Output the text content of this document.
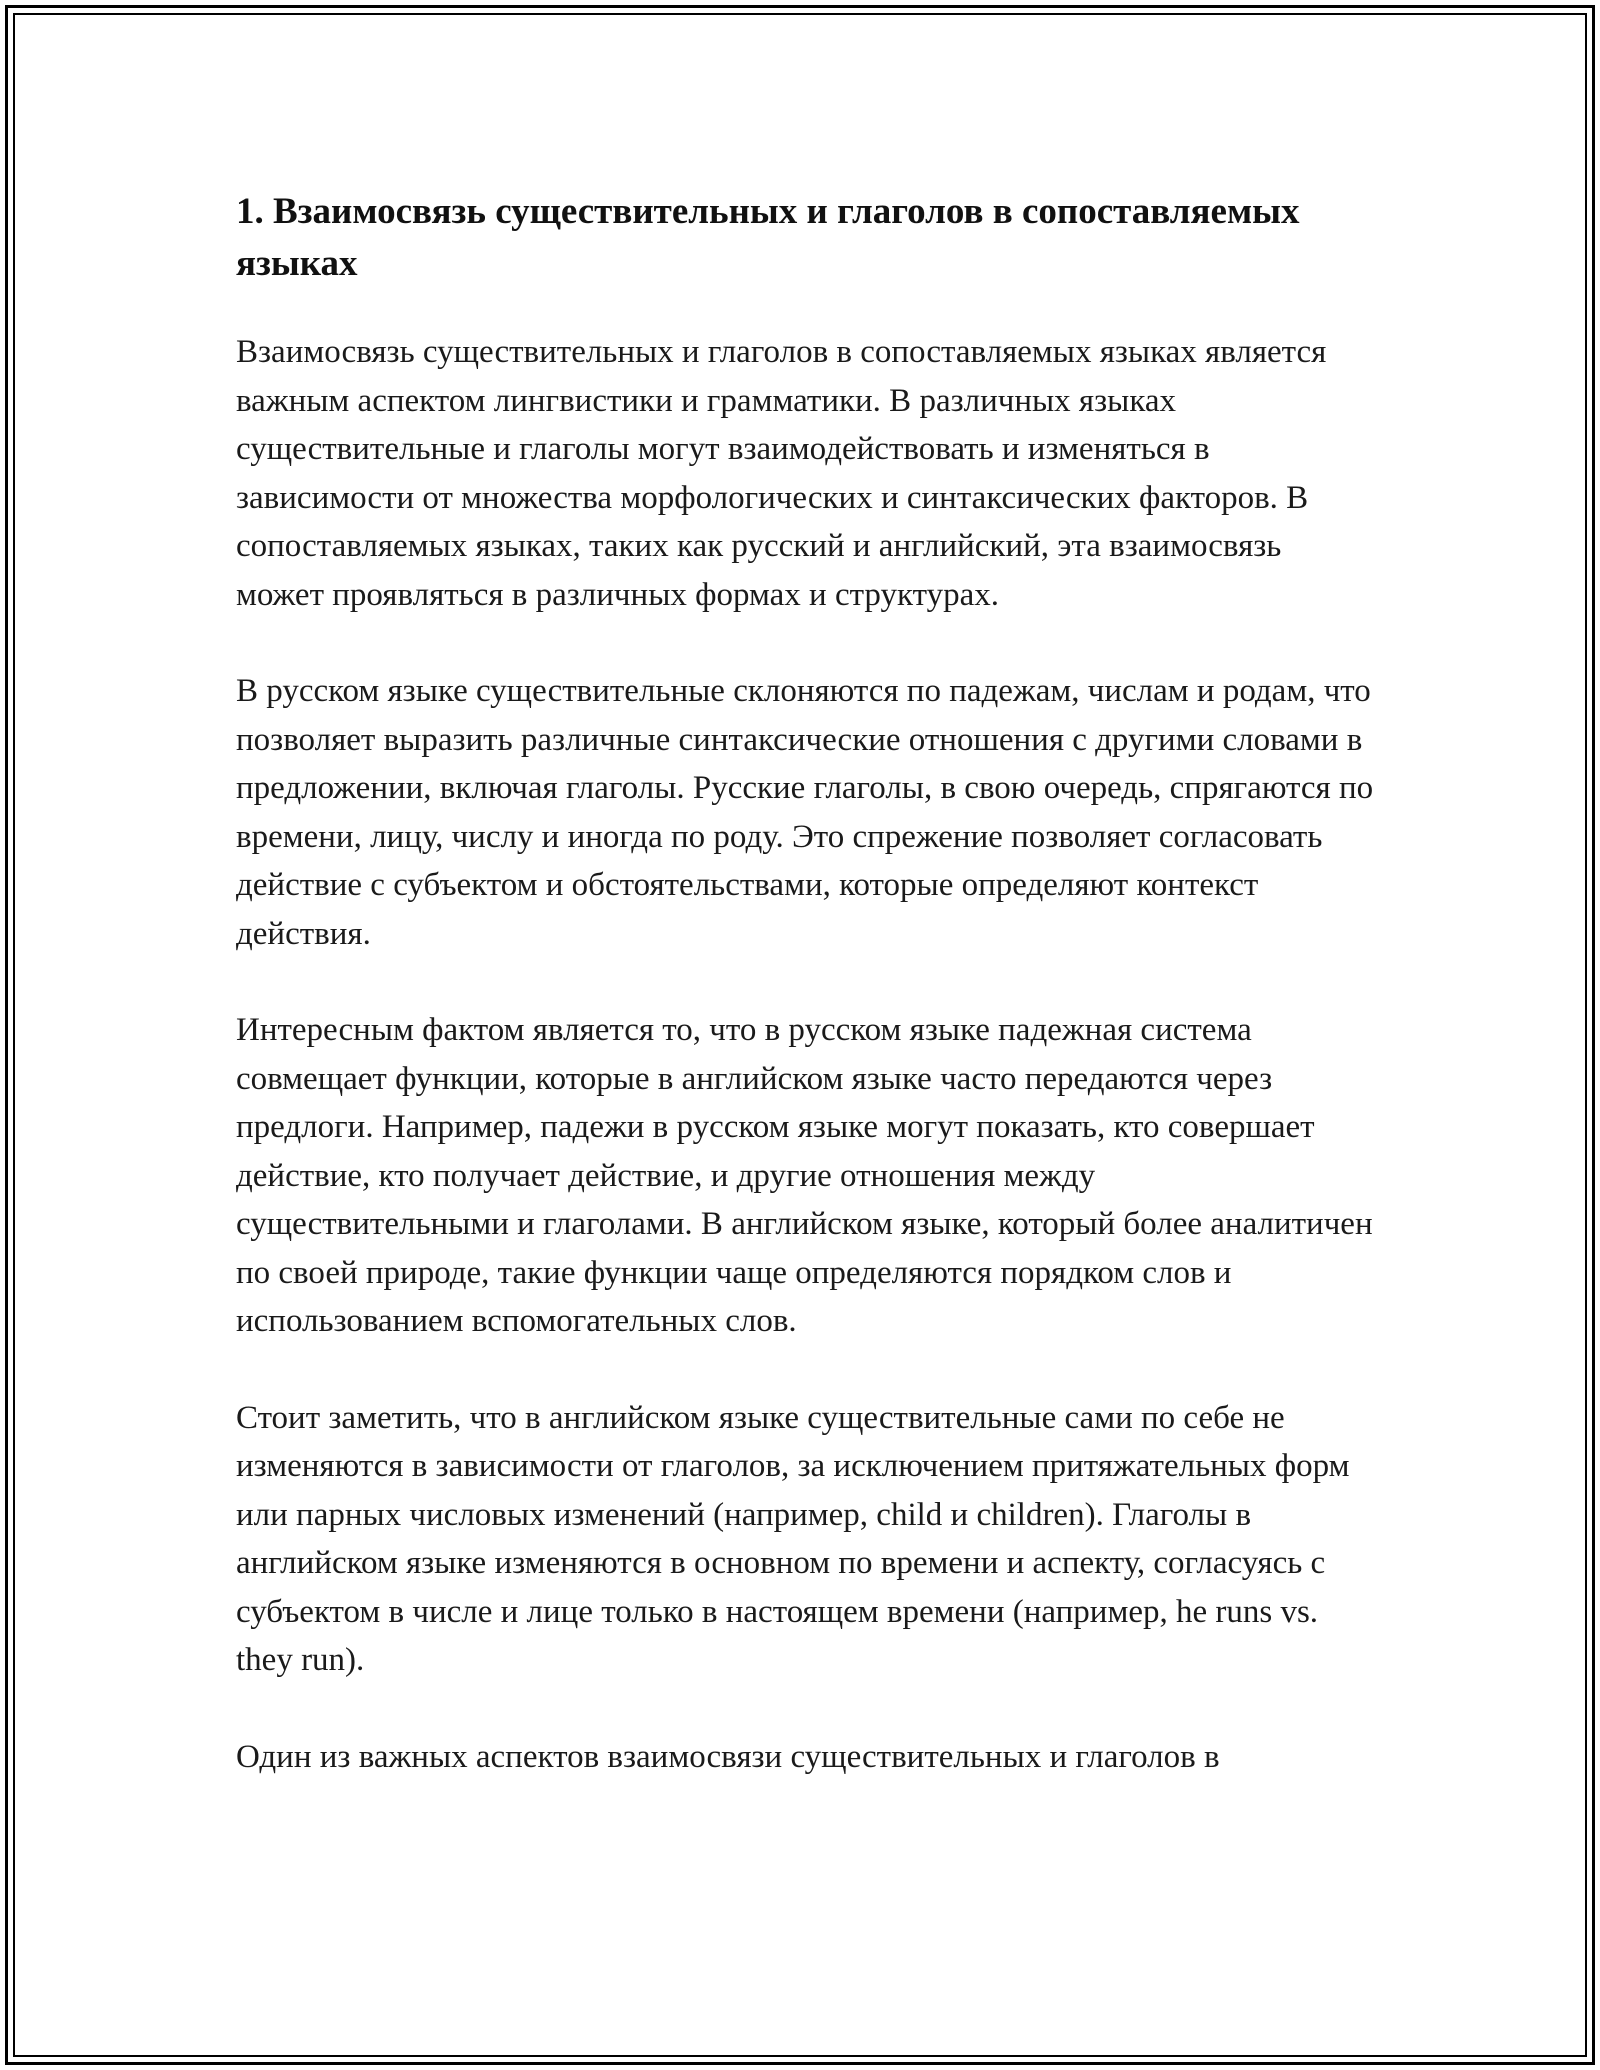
1. Взаимосвязь существительных и глаголов в сопоставляемых языках

Взаимосвязь существительных и глаголов в сопоставляемых языках является важным аспектом лингвистики и грамматики. В различных языках существительные и глаголы могут взаимодействовать и изменяться в зависимости от множества морфологических и синтаксических факторов. В сопоставляемых языках, таких как русский и английский, эта взаимосвязь может проявляться в различных формах и структурах.

В русском языке существительные склоняются по падежам, числам и родам, что позволяет выразить различные синтаксические отношения с другими словами в предложении, включая глаголы. Русские глаголы, в свою очередь, спрягаются по времени, лицу, числу и иногда по роду. Это спрежение позволяет согласовать действие с субъектом и обстоятельствами, которые определяют контекст действия.

Интересным фактом является то, что в русском языке падежная система совмещает функции, которые в английском языке часто передаются через предлоги. Например, падежи в русском языке могут показать, кто совершает действие, кто получает действие, и другие отношения между существительными и глаголами. В английском языке, который более аналитичен по своей природе, такие функции чаще определяются порядком слов и использованием вспомогательных слов.

Стоит заметить, что в английском языке существительные сами по себе не изменяются в зависимости от глаголов, за исключением притяжательных форм или парных числовых изменений (например, child и children). Глаголы в английском языке изменяются в основном по времени и аспекту, согласуясь с субъектом в числе и лице только в настоящем времени (например, he runs vs. they run).

Один из важных аспектов взаимосвязи существительных и глаголов в
